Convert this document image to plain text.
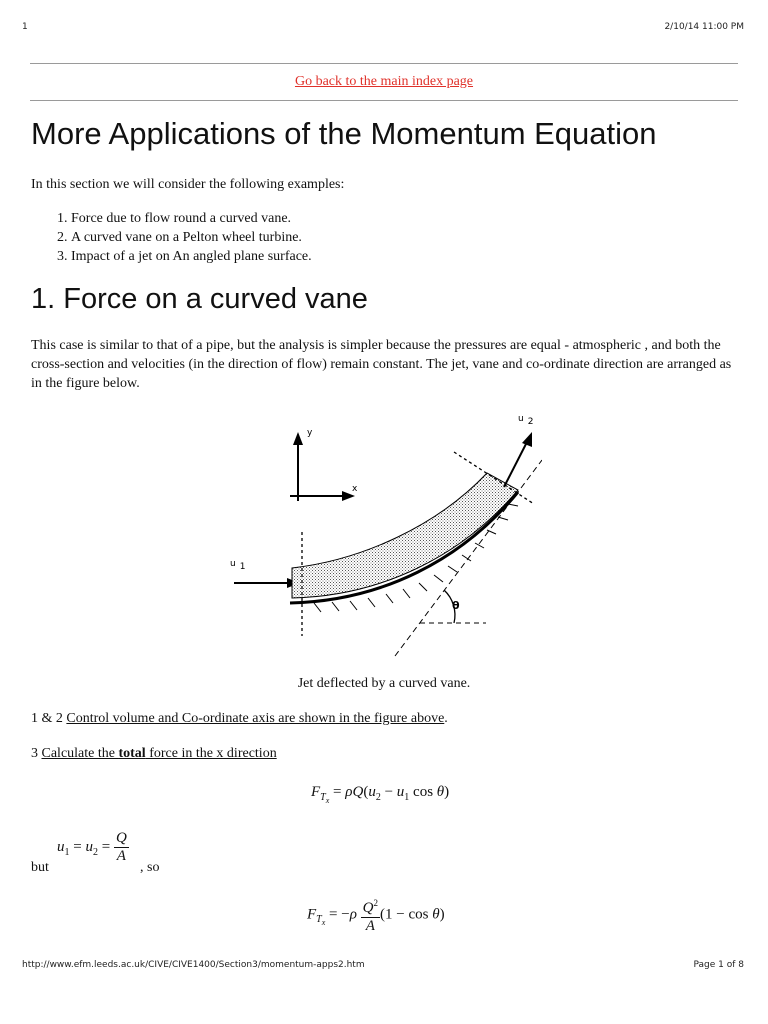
1	2/10/14 11:00 PM
Go back to the main index page
More Applications of the Momentum Equation
In this section we will consider the following examples:
1. Force due to flow round a curved vane.
2. A curved vane on a Pelton wheel turbine.
3. Impact of a jet on An angled plane surface.
1. Force on a curved vane
This case is similar to that of a pipe, but the analysis is simpler because the pressures are equal - atmospheric , and both the cross-section and velocities (in the direction of flow) remain constant. The jet, vane and co-ordinate direction are arranged as in the figure below.
y
x
u 1
θ
u 2
Jet deflected by a curved vane.
1 & 2 Control volume and Co-ordinate axis are shown in the figure above.
3 Calculate the total force in the x direction
$F_{T_x} = \rho Q(u_2 - u_1$ cos θ)
but
$u_1 = u_2 = \frac{Q}{A}$
, so
$F_{T_x} = -\rho \frac{Q^2}{A} (1 - \cos \theta)$
http://www.efm.leeds.ac.uk/CIVE/CIVE1400/Section3/momentum-apps2.htm	Page 1 of 8
